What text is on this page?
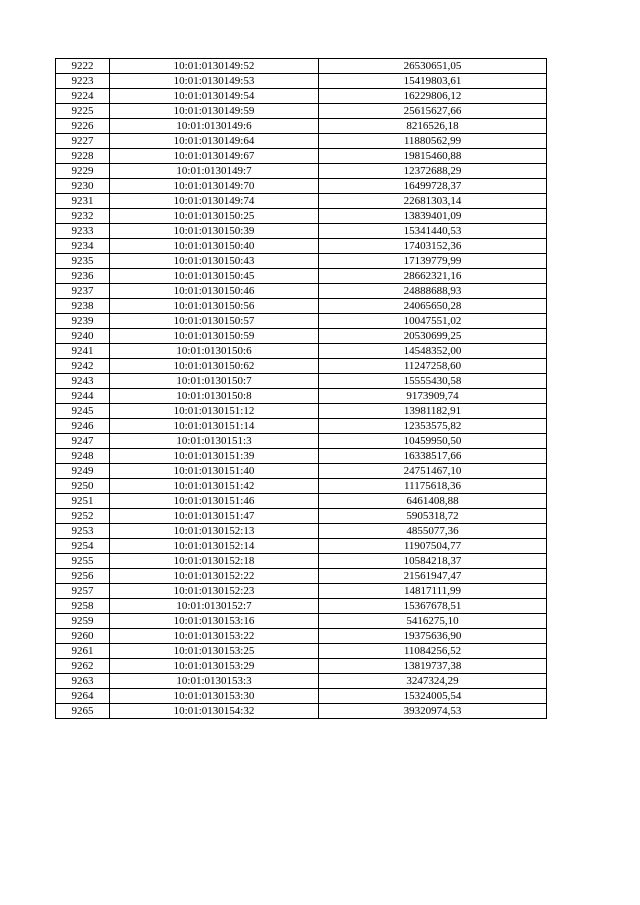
9222	10:01:0130149:52	26530651,05
9223	10:01:0130149:53	15419803,61
9224	10:01:0130149:54	16229806,12
9225	10:01:0130149:59	25615627,66
9226	10:01:0130149:6	8216526,18
9227	10:01:0130149:64	11880562,99
9228	10:01:0130149:67	19815460,88
9229	10:01:0130149:7	12372688,29
9230	10:01:0130149:70	16499728,37
9231	10:01:0130149:74	22681303,14
9232	10:01:0130150:25	13839401,09
9233	10:01:0130150:39	15341440,53
9234	10:01:0130150:40	17403152,36
9235	10:01:0130150:43	17139779,99
9236	10:01:0130150:45	28662321,16
9237	10:01:0130150:46	24888688,93
9238	10:01:0130150:56	24065650,28
9239	10:01:0130150:57	10047551,02
9240	10:01:0130150:59	20530699,25
9241	10:01:0130150:6	14548352,00
9242	10:01:0130150:62	11247258,60
9243	10:01:0130150:7	15555430,58
9244	10:01:0130150:8	9173909,74
9245	10:01:0130151:12	13981182,91
9246	10:01:0130151:14	12353575,82
9247	10:01:0130151:3	10459950,50
9248	10:01:0130151:39	16338517,66
9249	10:01:0130151:40	24751467,10
9250	10:01:0130151:42	11175618,36
9251	10:01:0130151:46	6461408,88
9252	10:01:0130151:47	5905318,72
9253	10:01:0130152:13	4855077,36
9254	10:01:0130152:14	11907504,77
9255	10:01:0130152:18	10584218,37
9256	10:01:0130152:22	21561947,47
9257	10:01:0130152:23	14817111,99
9258	10:01:0130152:7	15367678,51
9259	10:01:0130153:16	5416275,10
9260	10:01:0130153:22	19375636,90
9261	10:01:0130153:25	11084256,52
9262	10:01:0130153:29	13819737,38
9263	10:01:0130153:3	3247324,29
9264	10:01:0130153:30	15324005,54
9265	10:01:0130154:32	39320974,53
